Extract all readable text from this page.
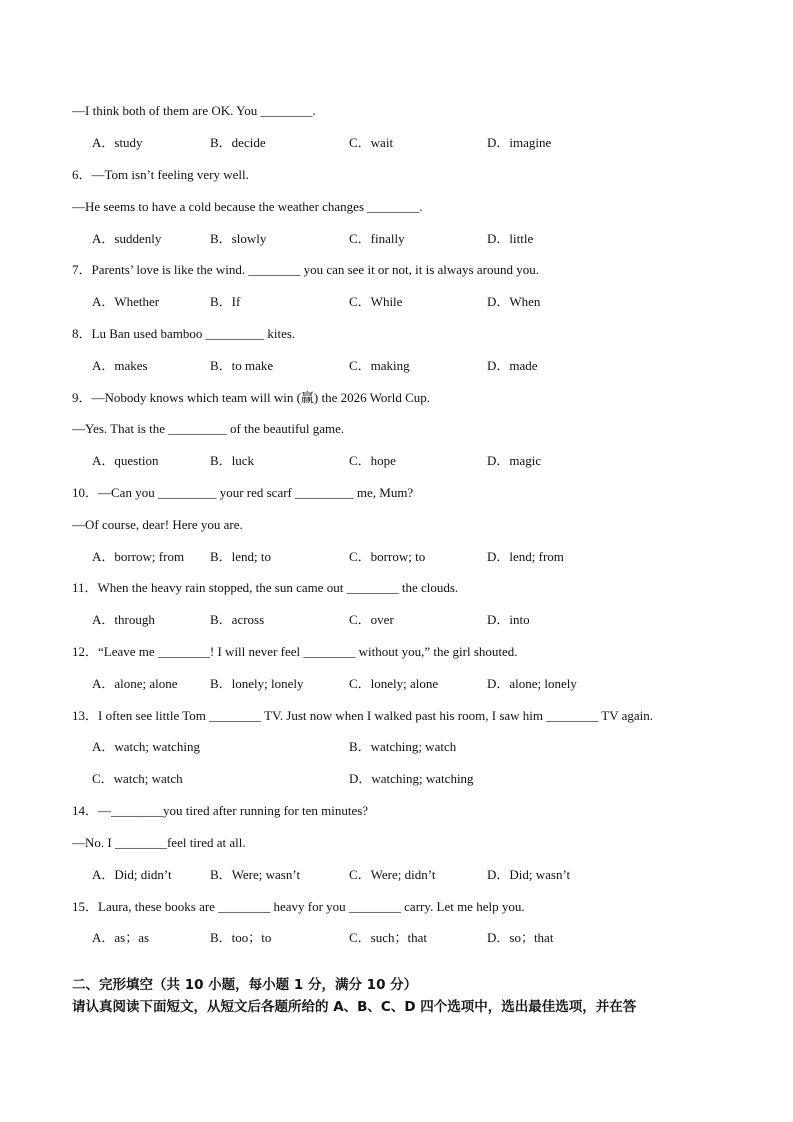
—I think both of them are OK. You ________.
A．study	B．decide	C．wait	D．imagine
6．—Tom isn’t feeling very well.
—He seems to have a cold because the weather changes ________.
A．suddenly	B．slowly	C．finally	D．little
7．Parents’ love is like the wind. ________ you can see it or not, it is always around you.
A．Whether	B．If	C．While	D．When
8．Lu Ban used bamboo _________ kites.
A．makes	B．to make	C．making	D．made
9．—Nobody knows which team will win (赢) the 2026 World Cup.
—Yes. That is the _________ of the beautiful game.
A．question	B．luck	C．hope	D．magic
10．—Can you _________ your red scarf _________ me, Mum?
—Of course, dear! Here you are.
A．borrow; from B．lend; to	C．borrow; to	D．lend; from
11．When the heavy rain stopped, the sun came out ________ the clouds.
A．through	B．across	C．over	D．into
12．“Leave me ________! I will never feel ________ without you,” the girl shouted.
A．alone; alone B．lonely; lonely	C．lonely; alone	D．alone; lonely
13．I often see little Tom ________ TV. Just now when I walked past his room, I saw him ________ TV again.
A．watch; watching	B．watching; watch
C．watch; watch	D．watching; watching
14．—________you tired after running for ten minutes?
—No. I ________feel tired at all.
A．Did; didn’t	B．Were; wasn’t	C．Were; didn’t	D．Did; wasn’t
15．Laura, these books are ________ heavy for you ________ carry. Let me help you.
A．as；as	B．too；to	C．such；that	D．so；that
二、完形填空（共 10 小题，每小题 1 分，满分 10 分）
请认真阅读下面短文，从短文后各题所给的 A、B、C、D 四个选项中，选出最佳选项，并在答
